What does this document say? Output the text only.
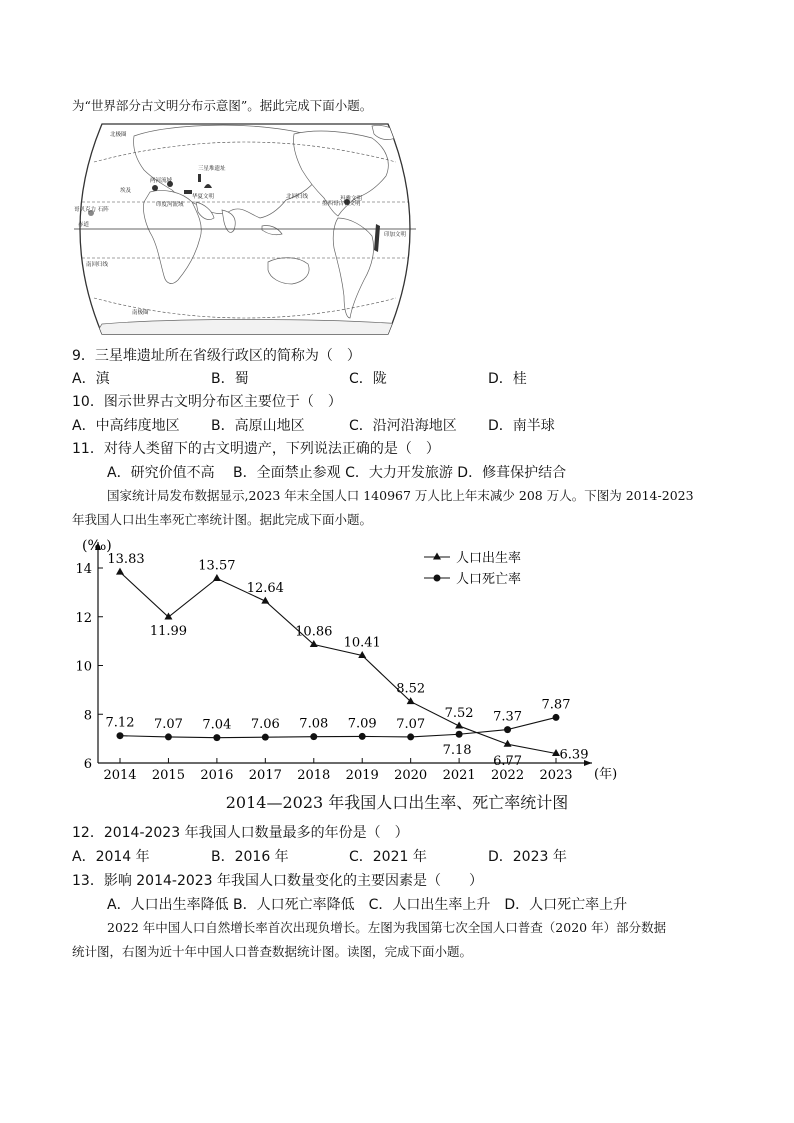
为“世界部分古文明分布示意图”。据此完成下面小题。
北极圈
埃及
两河流域
印度河流域
三星堆遗址
华夏文明	北回归线
墨西哥古代文明
玛雅文明
印加文明
哥贝克力 石阵
赤道
南回归线
南极圈
9．三星堆遗址所在省级行政区的简称为（　）
A．滇	B．蜀	C．陇	D．桂
10．图示世界古文明分布区主要位于（　）
A．中高纬度地区 B．高原山地区	C．沿河沿海地区 D．南半球
11．对待人类留下的古文明遗产，下列说法正确的是（　）
A．研究价值不高　 B．全面禁止参观 C．大力开发旅游 D．修葺保护结合
国家统计局发布数据显示,2023 年末全国人口 140967 万人比上年末减少 208 万人。下图为 2014-2023
年我国人口出生率死亡率统计图。据此完成下面小题。
(‰)
(年)
6
8
10
12
14
2014 2015 2016 2017 2018 2019 2020 2021 2022 2023
13.83
11.99
13.57
12.64
10.86
10.41
8.52
7.52
6.77	6.39
7.12 7.07 7.04 7.06 7.08 7.09 7.07
7.18
7.37
7.87
人口出生率
人口死亡率
2014—2023 年我国人口出生率、死亡率统计图
12．2014-2023 年我国人口数量最多的年份是（　）
A．2014 年	B．2016 年	C．2021 年	D．2023 年
13．影响 2014-2023 年我国人口数量变化的主要因素是（　　）
A．人口出生率降低 B．人口死亡率降低　C．人口出生率上升　D．人口死亡率上升
2022 年中国人口自然增长率首次出现负增长。左图为我国第七次全国人口普查（2020 年）部分数据
统计图，右图为近十年中国人口普查数据统计图。读图，完成下面小题。
